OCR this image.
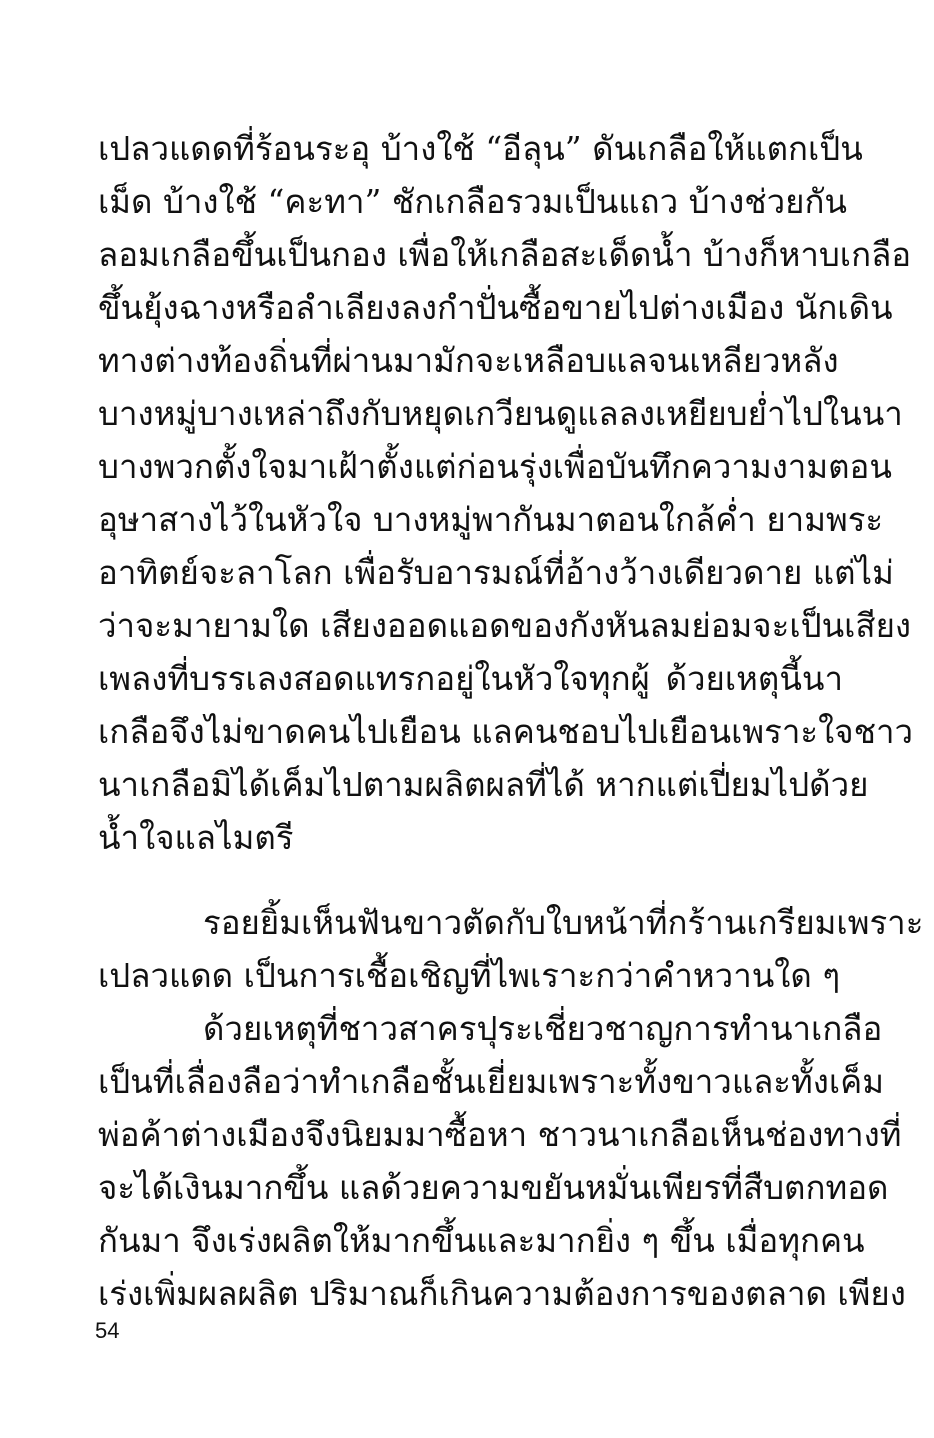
เปลวแดดที่ร้อนระอุ บ้างใช้ “อีลุน” ดันเกลือให้แตกเป็น
เม็ด บ้างใช้ “คะทา” ชักเกลือรวมเป็นแถว บ้างช่วยกัน
ลอมเกลือขึ้นเป็นกอง เพื่อให้เกลือสะเด็ดน้ำ บ้างก็หาบเกลือ
ขึ้นยุ้งฉางหรือลำเลียงลงกำปั่นซื้อขายไปต่างเมือง นักเดิน
ทางต่างท้องถิ่นที่ผ่านมามักจะเหลือบแลจนเหลียวหลัง
บางหมู่บางเหล่าถึงกับหยุดเกวียนดูแลลงเหยียบย่ำไปในนา
บางพวกตั้งใจมาเฝ้าตั้งแต่ก่อนรุ่งเพื่อบันทึกความงามตอน
อุษาสางไว้ในหัวใจ บางหมู่พากันมาตอนใกล้ค่ำ ยามพระ
อาทิตย์จะลาโลก เพื่อรับอารมณ์ที่อ้างว้างเดียวดาย แต่ไม่
ว่าจะมายามใด เสียงออดแอดของกังหันลมย่อมจะเป็นเสียง
เพลงที่บรรเลงสอดแทรกอยู่ในหัวใจทุกผู้ ด้วยเหตุนี้นา
เกลือจึงไม่ขาดคนไปเยือน แลคนชอบไปเยือนเพราะใจชาว
นาเกลือมิได้เค็มไปตามผลิตผลที่ได้ หากแต่เปี่ยมไปด้วย
น้ำใจแลไมตรี
รอยยิ้มเห็นฟันขาวตัดกับใบหน้าที่กร้านเกรียมเพราะ
เปลวแดด เป็นการเชื้อเชิญที่ไพเราะกว่าคำหวานใด ๆ
ด้วยเหตุที่ชาวสาครปุระเชี่ยวชาญการทำนาเกลือ
เป็นที่เลื่องลือว่าทำเกลือชั้นเยี่ยมเพราะทั้งขาวและทั้งเค็ม
พ่อค้าต่างเมืองจึงนิยมมาซื้อหา ชาวนาเกลือเห็นช่องทางที่
จะได้เงินมากขึ้น แลด้วยความขยันหมั่นเพียรที่สืบตกทอด
กันมา จึงเร่งผลิตให้มากขึ้นและมากยิ่ง ๆ ขึ้น เมื่อทุกคน
เร่งเพิ่มผลผลิต ปริมาณก็เกินความต้องการของตลาด เพียง
54
